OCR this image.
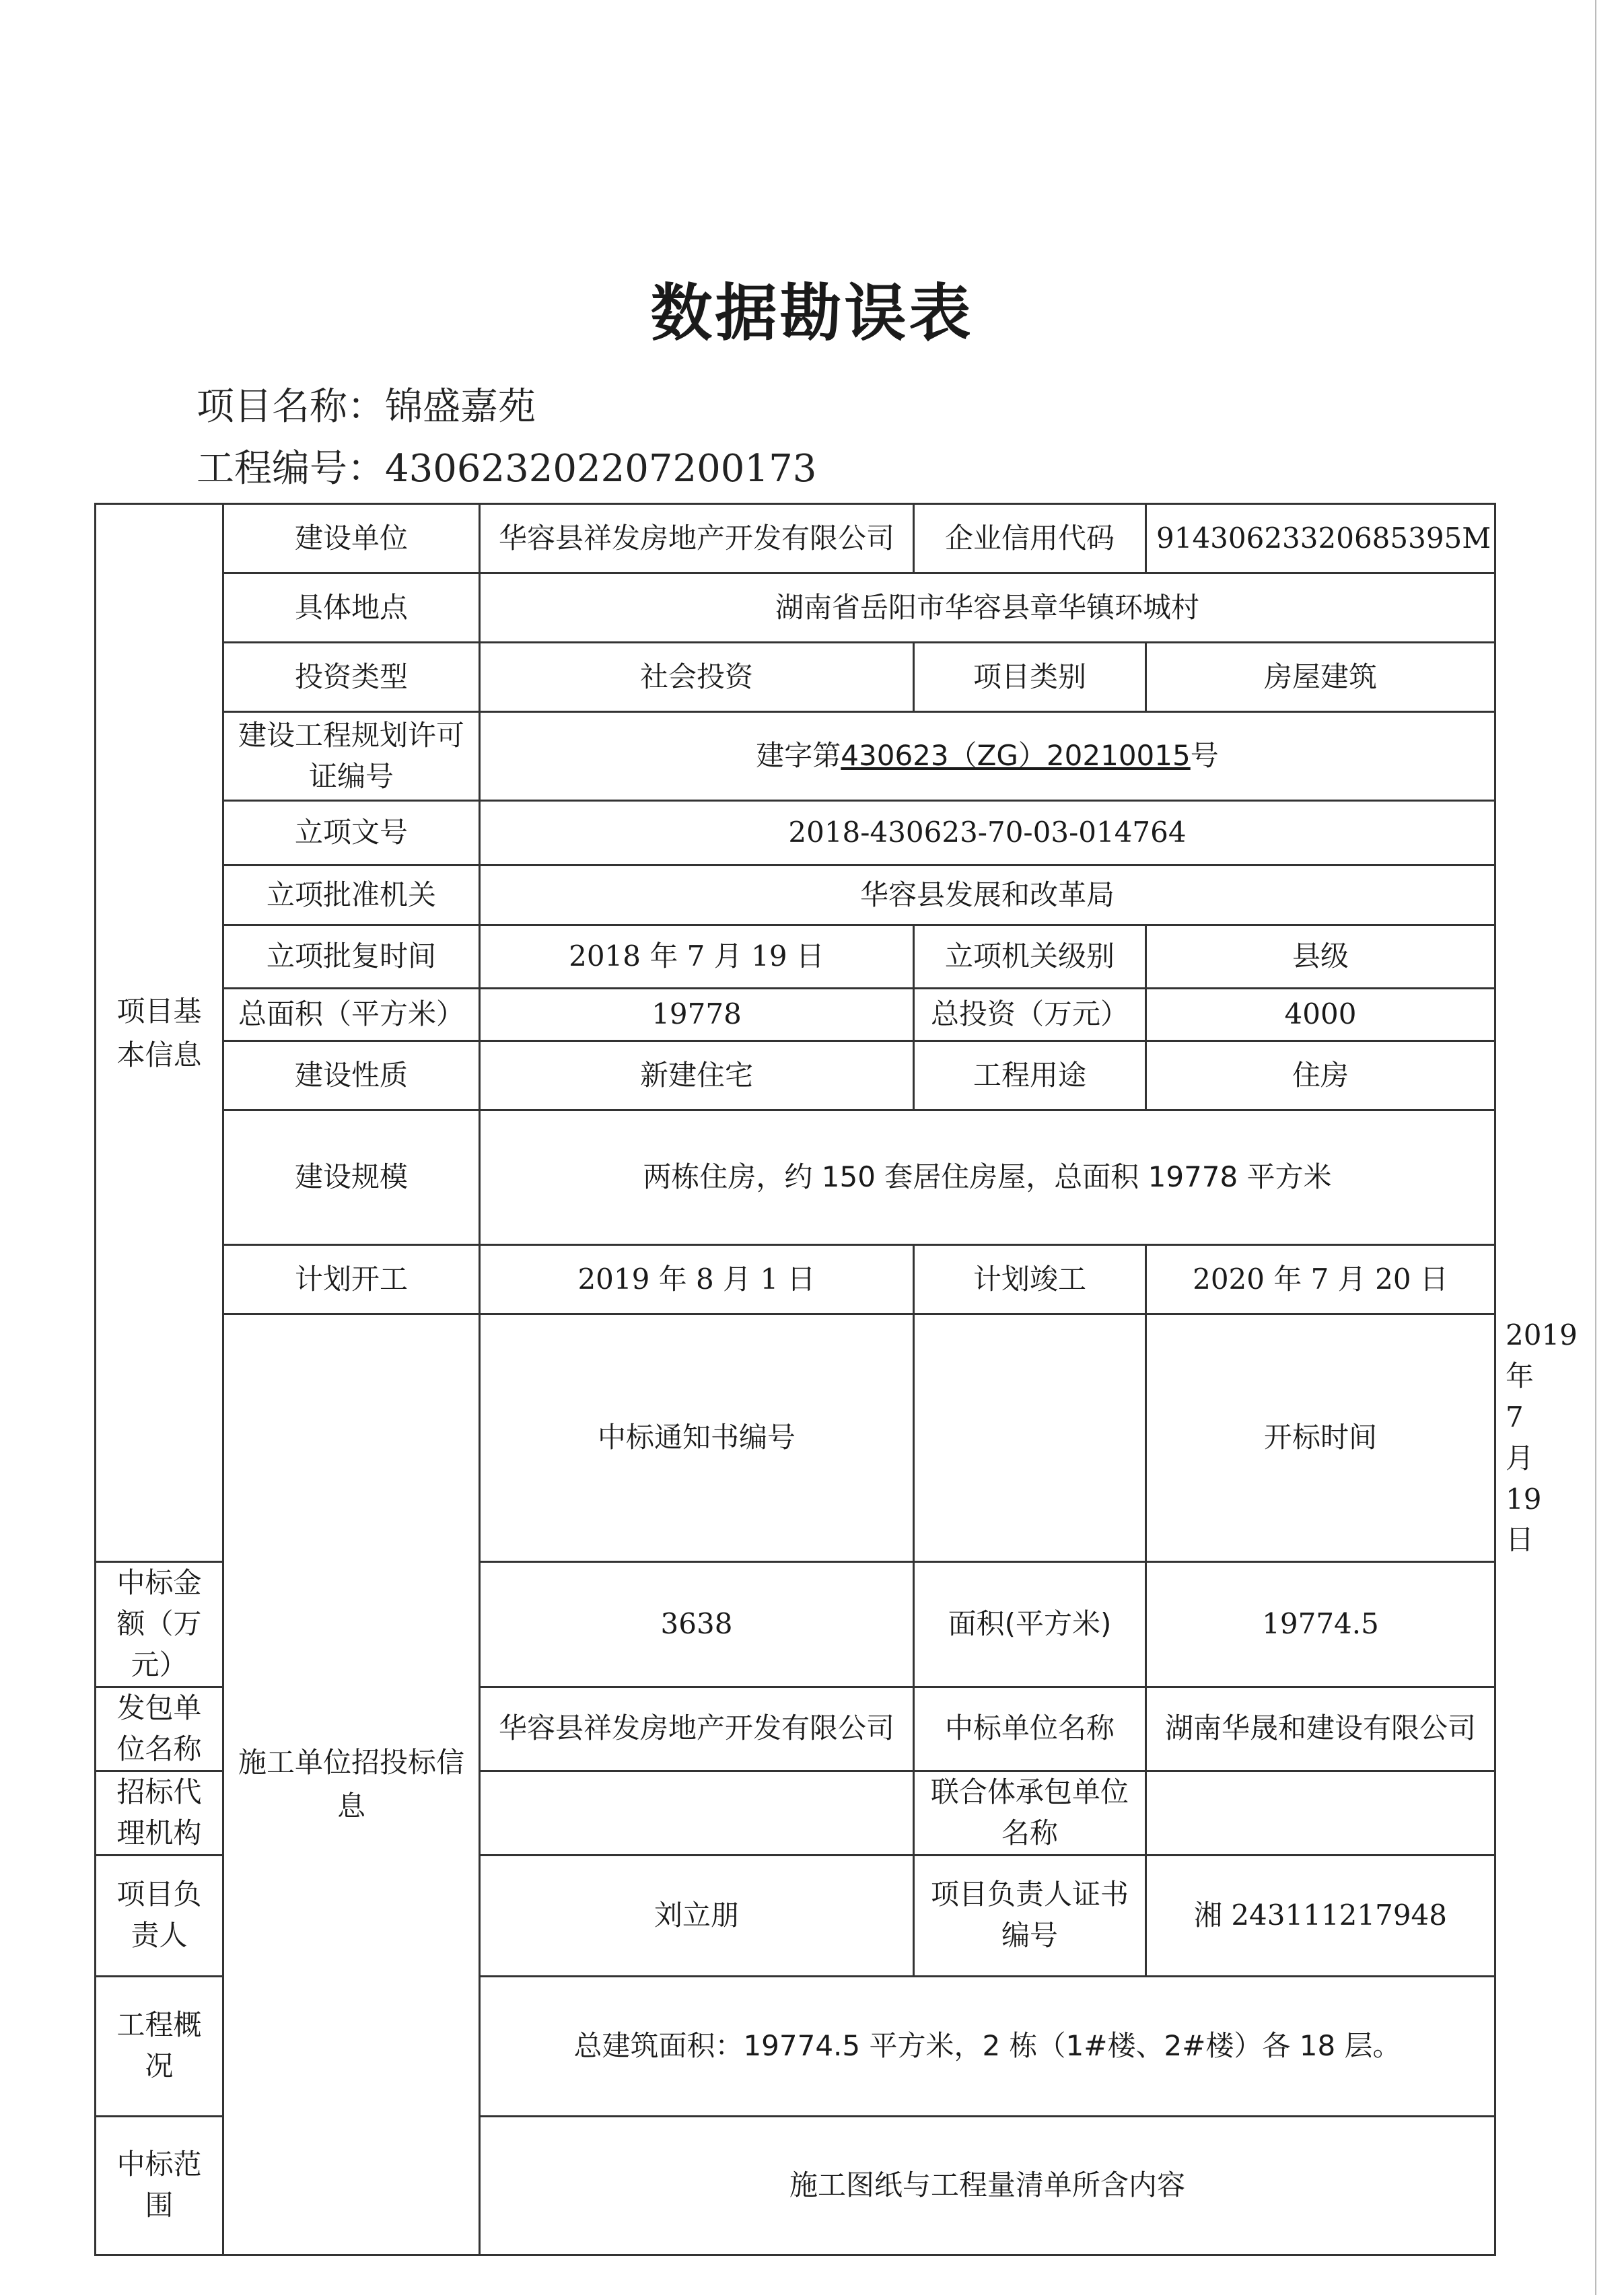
数据勘误表
项目名称：锦盛嘉苑
工程编号：430623202207200173
项目基本信息	建设单位	华容县祥发房地产开发有限公司	企业信用代码	91430623320685395M	
	具体地点	湖南省岳阳市华容县章华镇环城村			
	投资类型	社会投资	项目类别	房屋建筑	
	建设工程规划许可证编号	建字第430623（ZG）20210015号			
	立项文号	2018-430623-70-03-014764			
	立项批准机关	华容县发展和改革局			
	立项批复时间	2018 年 7 月 19 日	立项机关级别	县级	
	总面积（平方米）	19778	总投资（万元）	4000	
	建设性质	新建住宅	工程用途	住房	
	建设规模	两栋住房，约 150 套居住房屋，总面积 19778 平方米			
	计划开工	2019 年 8 月 1 日	计划竣工	2020 年 7 月 20 日	
	施工单位招投标信息	中标通知书编号		开标时间	2019 年 7 月 19 日
中标金额（万元）		3638	面积(平方米)	19774.5	
发包单位名称		华容县祥发房地产开发有限公司	中标单位名称	湖南华晟和建设有限公司	
招标代理机构			联合体承包单位名称		
项目负责人		刘立朋	项目负责人证书编号	湘 243111217948	
工程概况		总建筑面积：19774.5 平方米，2 栋（1#楼、2#楼）各 18 层。			
中标范围		施工图纸与工程量清单所含内容			
